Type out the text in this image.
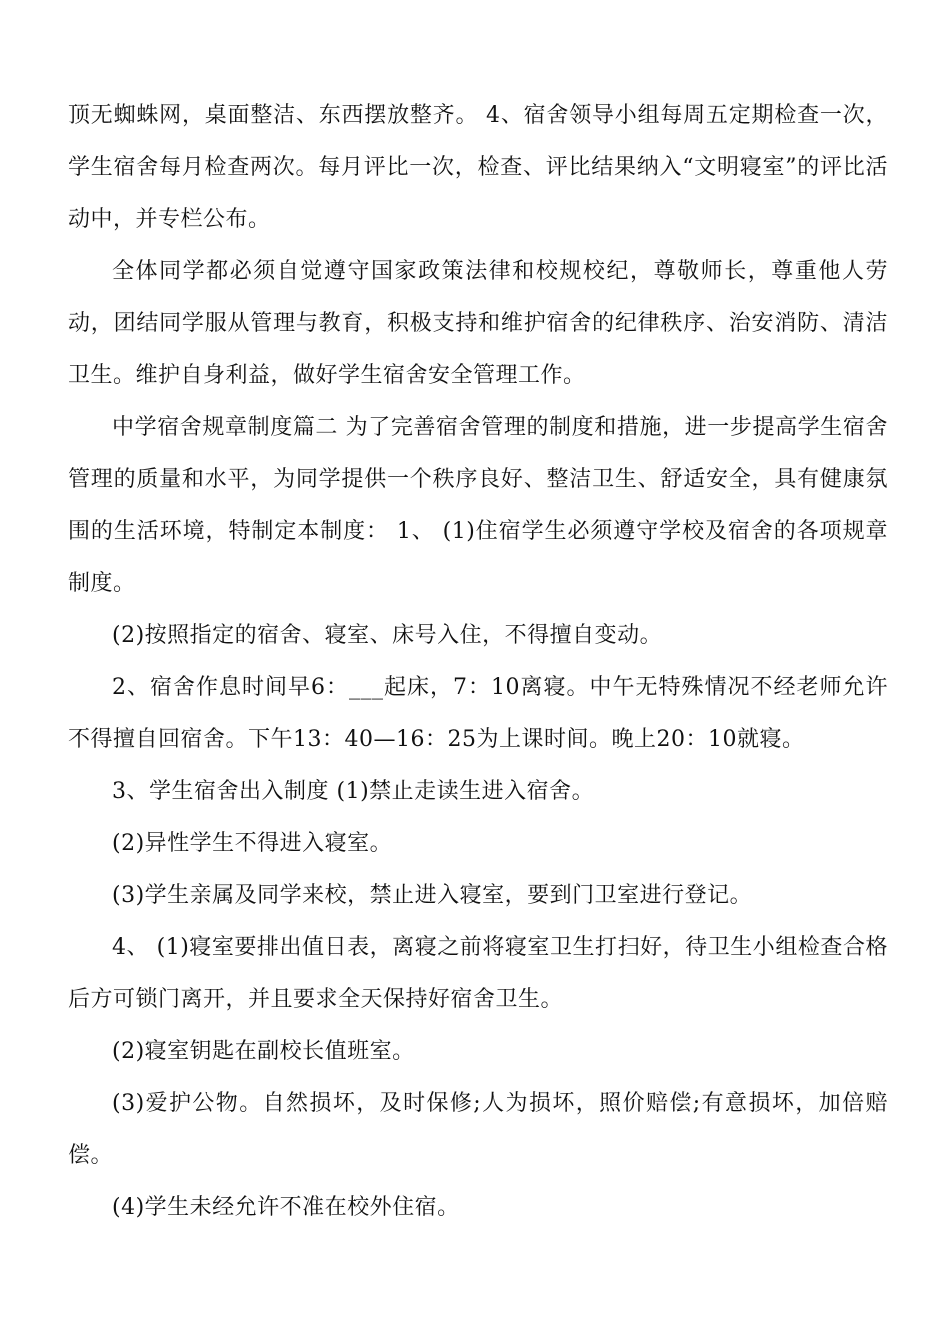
顶无蜘蛛网，桌面整洁、东西摆放整齐。 4、宿舍领导小组每周五定期检查一次，学生宿舍每月检查两次。每月评比一次，检查、评比结果纳入“文明寝室”的评比活动中，并专栏公布。

全体同学都必须自觉遵守国家政策法律和校规校纪，尊敬师长，尊重他人劳动，团结同学服从管理与教育，积极支持和维护宿舍的纪律秩序、治安消防、清洁卫生。维护自身利益，做好学生宿舍安全管理工作。

中学宿舍规章制度篇二 为了完善宿舍管理的制度和措施，进一步提高学生宿舍管理的质量和水平，为同学提供一个秩序良好、整洁卫生、舒适安全，具有健康氛围的生活环境，特制定本制度： 1、 (1)住宿学生必须遵守学校及宿舍的各项规章制度。

(2)按照指定的宿舍、寝室、床号入住，不得擅自变动。

2、宿舍作息时间早6：___起床，7：10离寝。中午无特殊情况不经老师允许不得擅自回宿舍。下午13：40—16：25为上课时间。晚上20：10就寝。

3、学生宿舍出入制度 (1)禁止走读生进入宿舍。

(2)异性学生不得进入寝室。

(3)学生亲属及同学来校，禁止进入寝室，要到门卫室进行登记。

4、 (1)寝室要排出值日表，离寝之前将寝室卫生打扫好，待卫生小组检查合格后方可锁门离开，并且要求全天保持好宿舍卫生。

(2)寝室钥匙在副校长值班室。

(3)爱护公物。自然损坏，及时保修;人为损坏，照价赔偿;有意损坏，加倍赔偿。

(4)学生未经允许不准在校外住宿。
